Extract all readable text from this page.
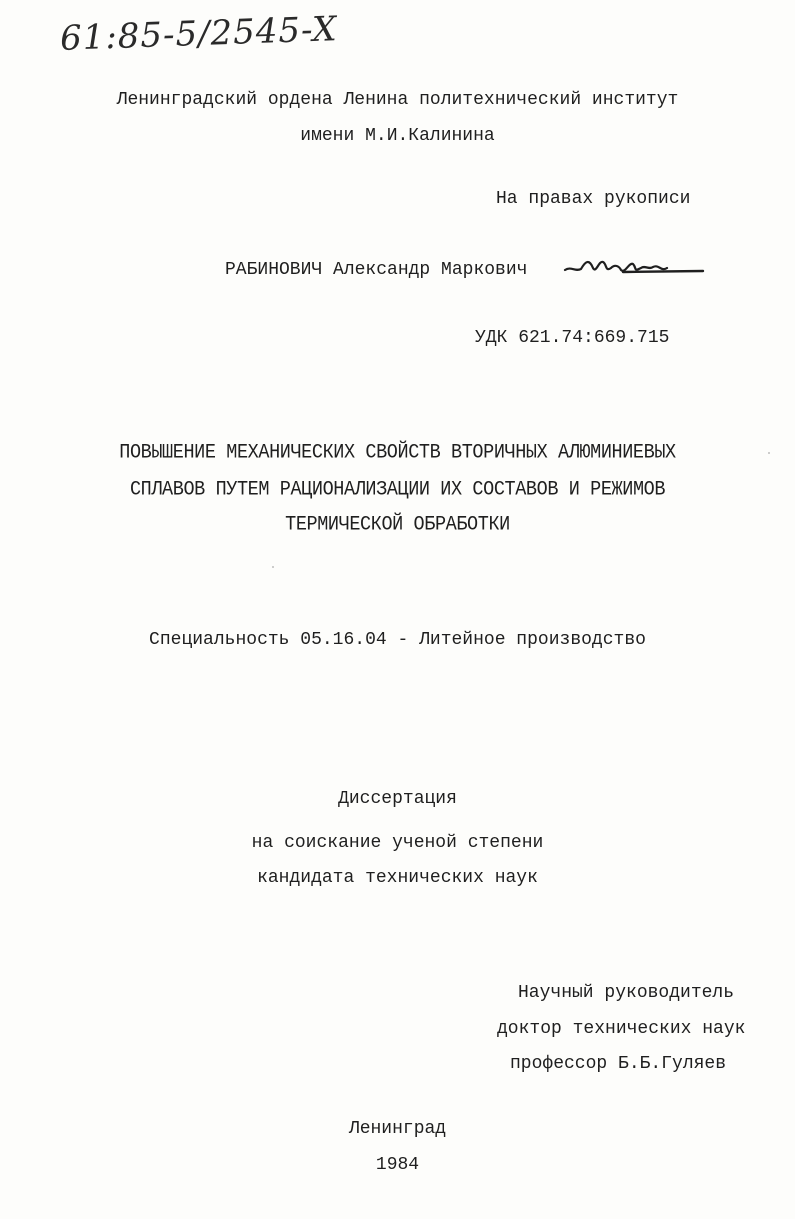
61:85-5/2545-X
Ленинградский ордена Ленина политехнический институт
имени М.И.Калинина
На правах рукописи
РАБИНОВИЧ Александр Маркович
УДК 621.74:669.715
ПОВЫШЕНИЕ МЕХАНИЧЕСКИХ СВОЙСТВ ВТОРИЧНЫХ АЛЮМИНИЕВЫХ
СПЛАВОВ ПУТЕМ РАЦИОНАЛИЗАЦИИ ИХ СОСТАВОВ И РЕЖИМОВ
ТЕРМИЧЕСКОЙ ОБРАБОТКИ
Специальность 05.16.04 - Литейное производство
Диссертация
на соискание ученой степени
кандидата технических наук
Научный руководитель
доктор технических наук
профессор Б.Б.Гуляев
Ленинград
1984
